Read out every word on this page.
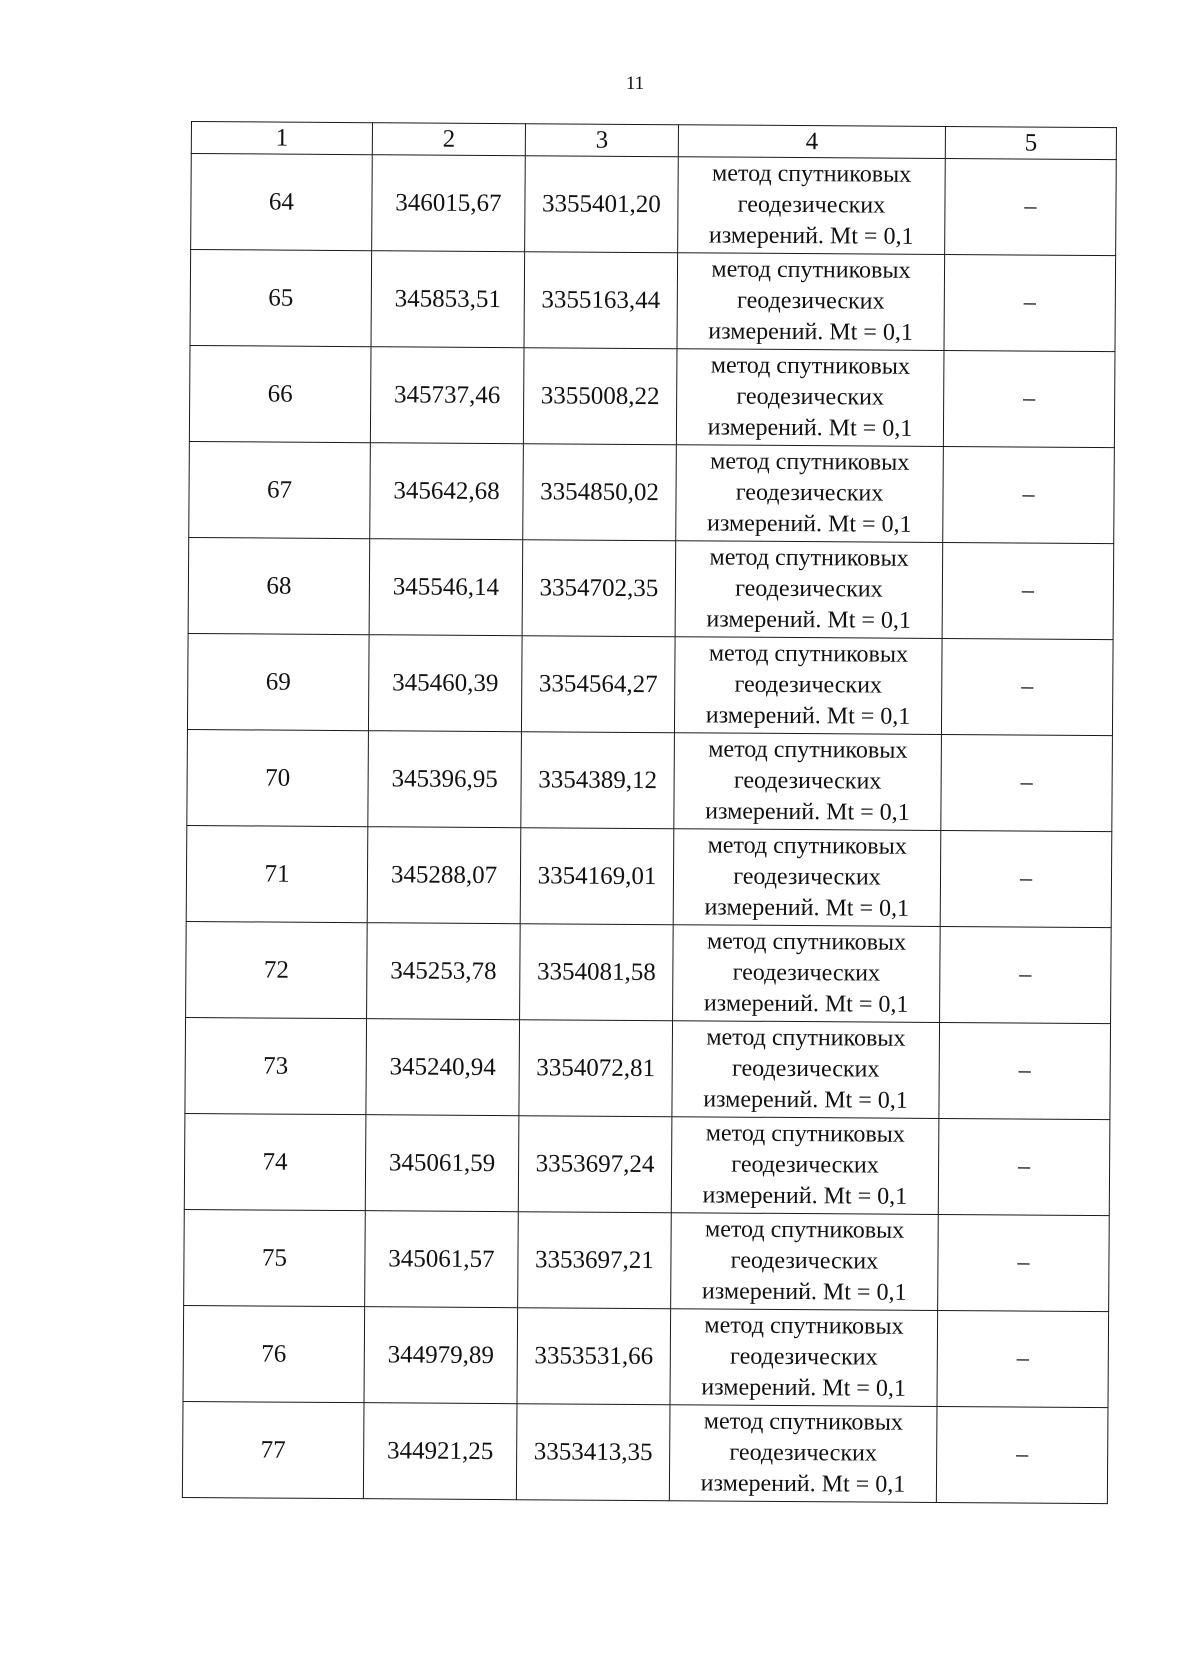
11
1	2	3	4	5
64	346015,67	3355401,20	метод спутниковых
геодезических
измерений. Mt = 0,1	–
65	345853,51	3355163,44	метод спутниковых
геодезических
измерений. Mt = 0,1	–
66	345737,46	3355008,22	метод спутниковых
геодезических
измерений. Mt = 0,1	–
67	345642,68	3354850,02	метод спутниковых
геодезических
измерений. Mt = 0,1	–
68	345546,14	3354702,35	метод спутниковых
геодезических
измерений. Mt = 0,1	–
69	345460,39	3354564,27	метод спутниковых
геодезических
измерений. Mt = 0,1	–
70	345396,95	3354389,12	метод спутниковых
геодезических
измерений. Mt = 0,1	–
71	345288,07	3354169,01	метод спутниковых
геодезических
измерений. Mt = 0,1	–
72	345253,78	3354081,58	метод спутниковых
геодезических
измерений. Mt = 0,1	–
73	345240,94	3354072,81	метод спутниковых
геодезических
измерений. Mt = 0,1	–
74	345061,59	3353697,24	метод спутниковых
геодезических
измерений. Mt = 0,1	–
75	345061,57	3353697,21	метод спутниковых
геодезических
измерений. Mt = 0,1	–
76	344979,89	3353531,66	метод спутниковых
геодезических
измерений. Mt = 0,1	–
77	344921,25	3353413,35	метод спутниковых
геодезических
измерений. Mt = 0,1	–
